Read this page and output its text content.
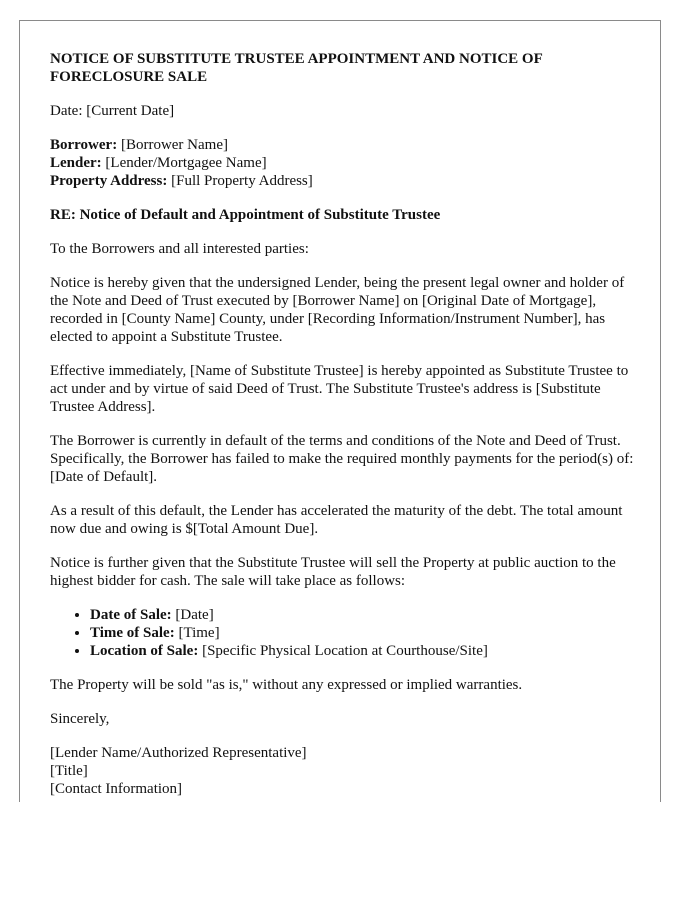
NOTICE OF SUBSTITUTE TRUSTEE APPOINTMENT AND NOTICE OF FORECLOSURE SALE

Date: [Current Date]

Borrower: [Borrower Name]
Lender: [Lender/Mortgagee Name]
Property Address: [Full Property Address]

RE: Notice of Default and Appointment of Substitute Trustee

To the Borrowers and all interested parties:

Notice is hereby given that the undersigned Lender, being the present legal owner and holder of the Note and Deed of Trust executed by [Borrower Name] on [Original Date of Mortgage], recorded in [County Name] County, under [Recording Information/Instrument Number], has elected to appoint a Substitute Trustee.

Effective immediately, [Name of Substitute Trustee] is hereby appointed as Substitute Trustee to act under and by virtue of said Deed of Trust. The Substitute Trustee's address is [Substitute Trustee Address].

The Borrower is currently in default of the terms and conditions of the Note and Deed of Trust. Specifically, the Borrower has failed to make the required monthly payments for the period(s) of: [Date of Default].

As a result of this default, the Lender has accelerated the maturity of the debt. The total amount now due and owing is $[Total Amount Due].

Notice is further given that the Substitute Trustee will sell the Property at public auction to the highest bidder for cash. The sale will take place as follows:

• Date of Sale: [Date]
• Time of Sale: [Time]
• Location of Sale: [Specific Physical Location at Courthouse/Site]

The Property will be sold "as is," without any expressed or implied warranties.

Sincerely,

[Lender Name/Authorized Representative]
[Title]
[Contact Information]
